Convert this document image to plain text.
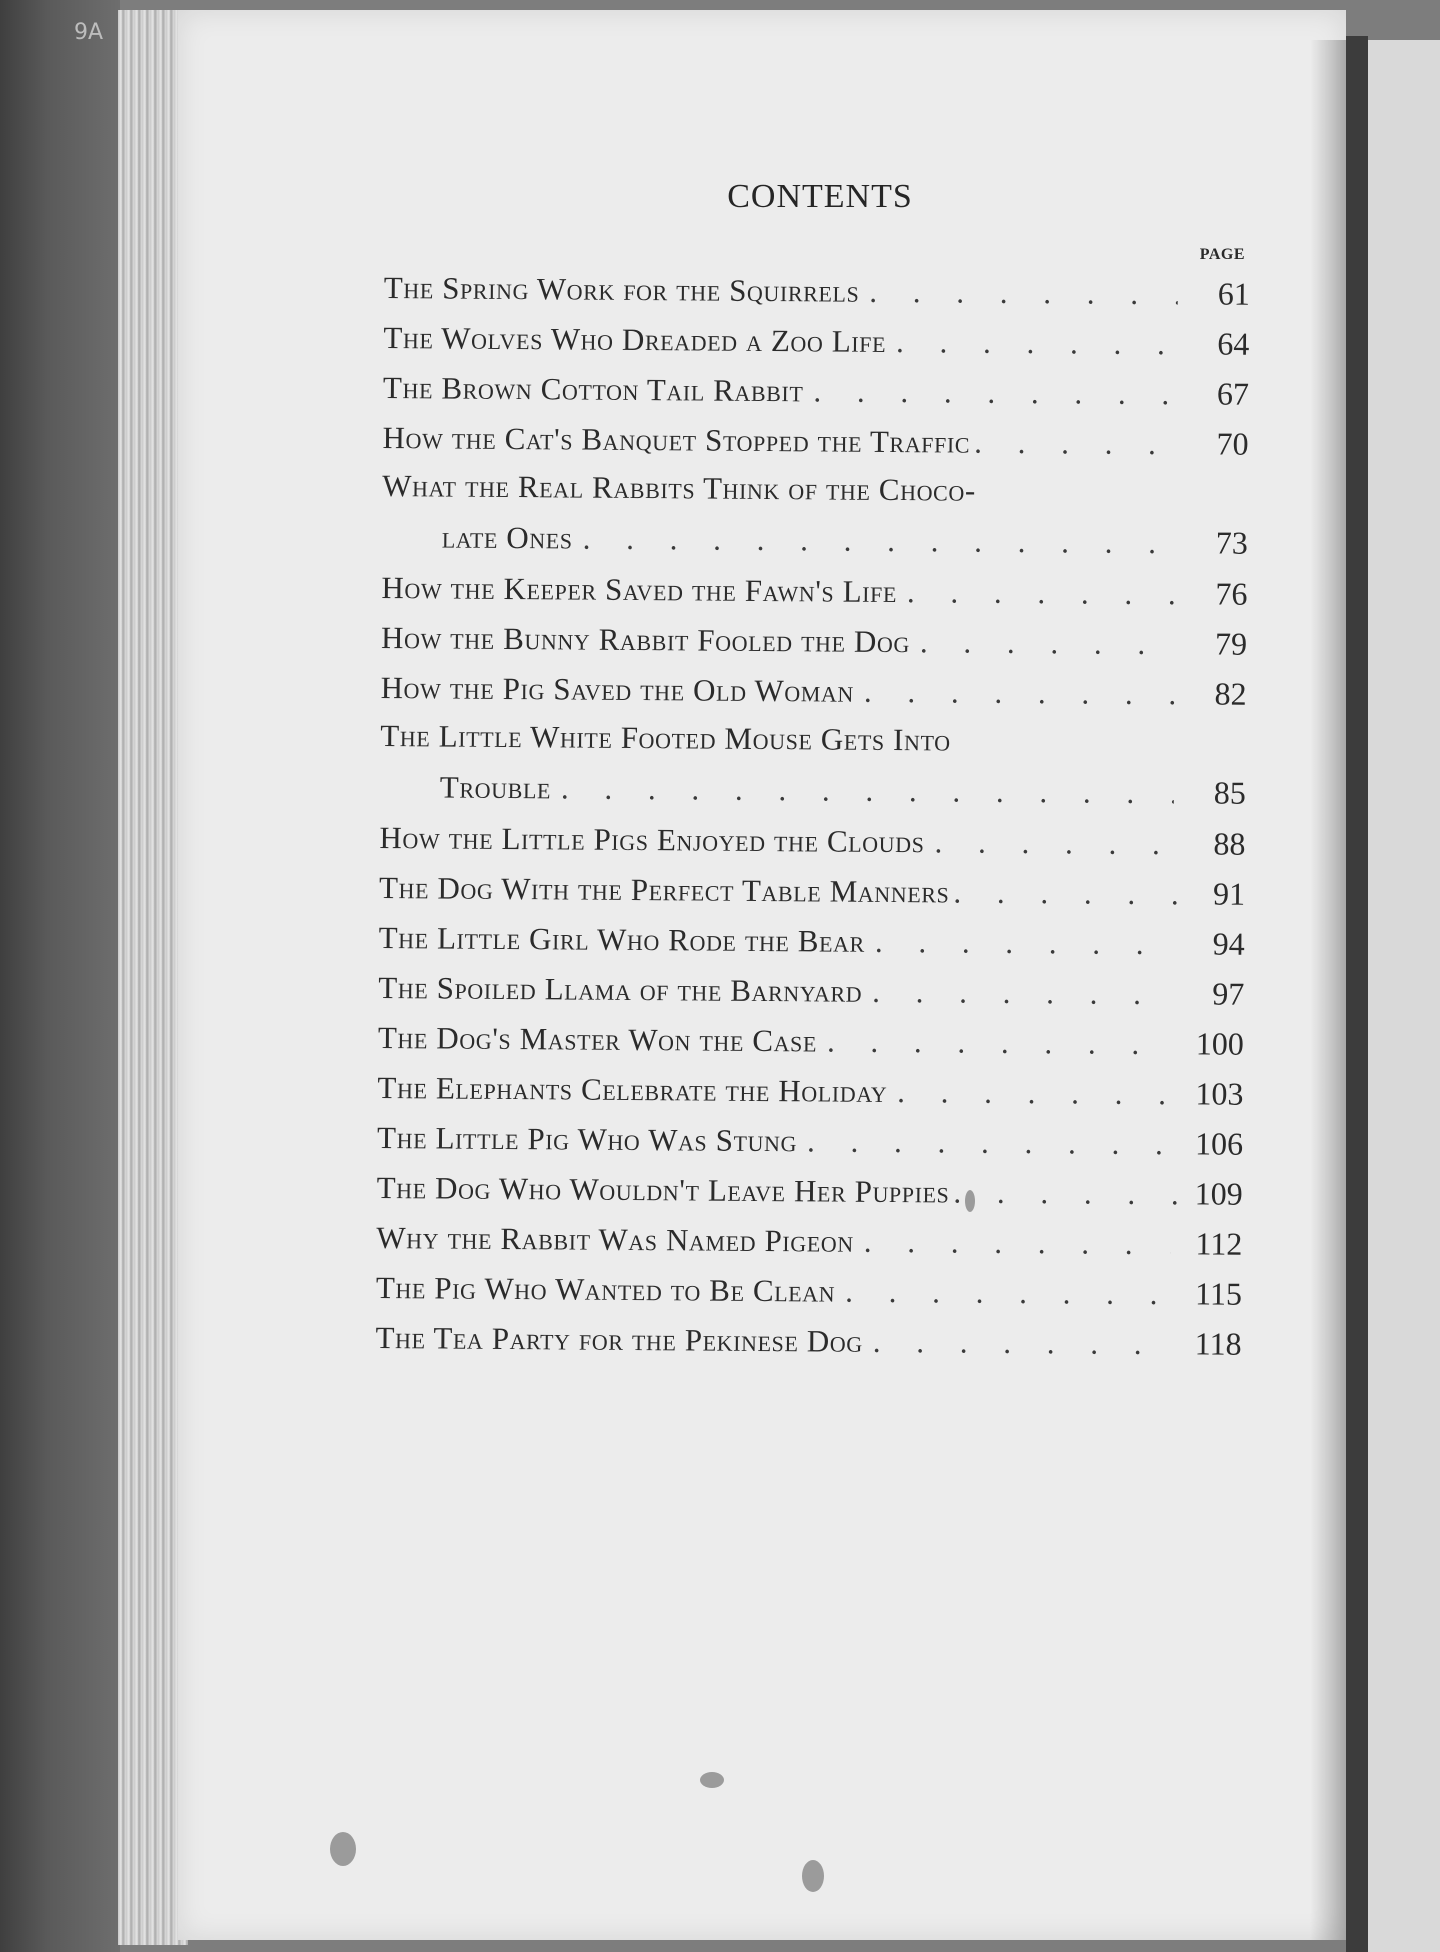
9A
CONTENTS
PAGE
The Spring Work for the Squirrels . . .	61
The Wolves Who Dreaded a Zoo Life . . .	64
The Brown Cotton Tail Rabbit . . .	67
How the Cat's Banquet Stopped the Traffic . . .	70
What the Real Rabbits Think of the Choco-
late Ones . . .	73
How the Keeper Saved the Fawn's Life . . .	76
How the Bunny Rabbit Fooled the Dog . . .	79
How the Pig Saved the Old Woman . . .	82
The Little White Footed Mouse Gets Into
Trouble . . .	85
How the Little Pigs Enjoyed the Clouds . . .	88
The Dog With the Perfect Table Manners . . .	91
The Little Girl Who Rode the Bear . . .	94
The Spoiled Llama of the Barnyard . . .	97
The Dog's Master Won the Case . . .	100
The Elephants Celebrate the Holiday . . .	103
The Little Pig Who Was Stung . . .	106
The Dog Who Wouldn't Leave Her Puppies . . .	109
Why the Rabbit Was Named Pigeon . . .	112
The Pig Who Wanted to Be Clean . . .	115
The Tea Party for the Pekinese Dog . . .	118
